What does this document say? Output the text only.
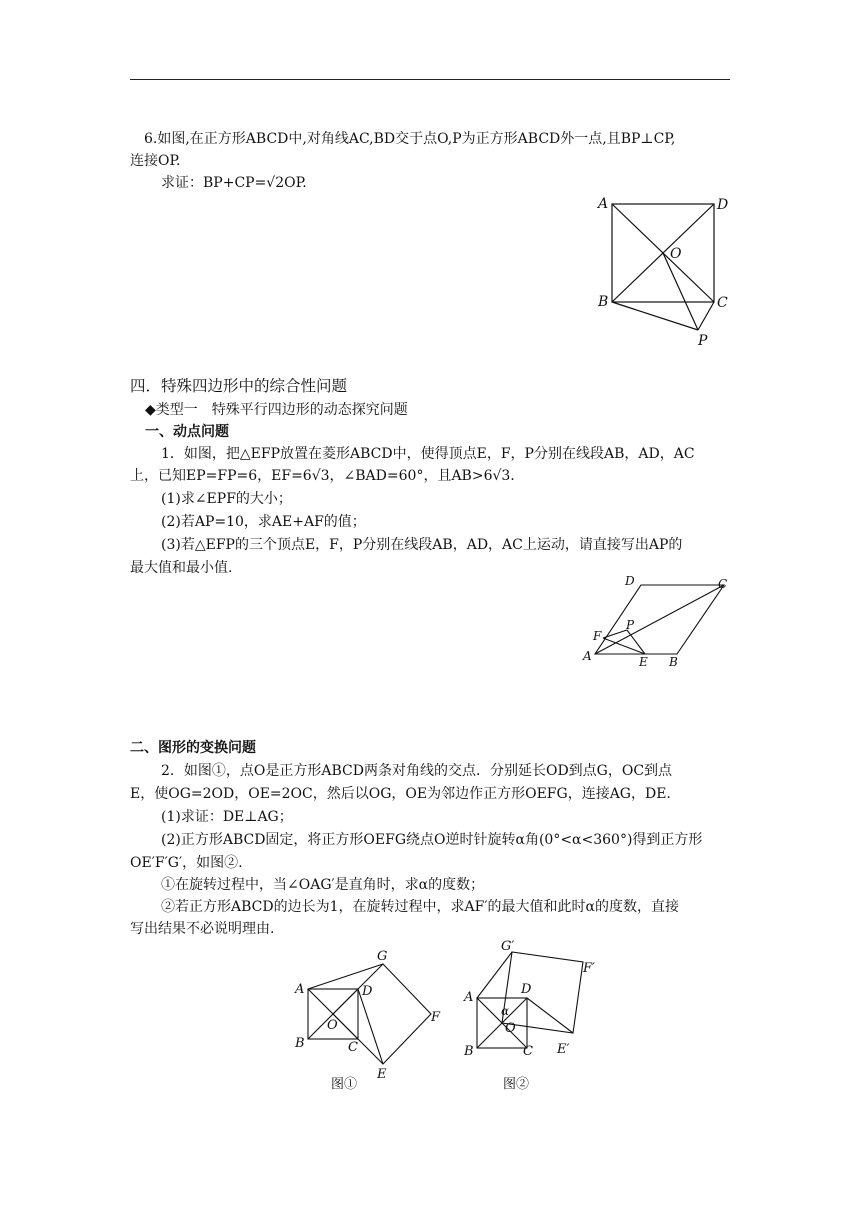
6.如图,在正方形ABCD中,对角线AC,BD交于点O,P为正方形ABCD外一点,且BP⊥CP,
连接OP.
求证：BP+CP=√2OP.
A	D
O
B	C
P
四．特殊四边形中的综合性问题
◆类型一　特殊平行四边形的动态探究问题
一、动点问题
1．如图，把△EFP放置在菱形ABCD中，使得顶点E，F，P分别在线段AB，AD，AC
上，已知EP=FP=6，EF=6√3，∠BAD=60°，且AB>6√3.
(1)求∠EPF的大小；
(2)若AP=10，求AE+AF的值；
(3)若△EFP的三个顶点E，F，P分别在线段AB，AD，AC上运动，请直接写出AP的
最大值和最小值.
A	B
C
D
E
F
P
二、图形的变换问题
2．如图①，点O是正方形ABCD两条对角线的交点．分别延长OD到点G，OC到点
E，使OG=2OD，OE=2OC，然后以OG，OE为邻边作正方形OEFG，连接AG，DE.
(1)求证：DE⊥AG；
(2)正方形ABCD固定，将正方形OEFG绕点O逆时针旋转α角(0°<α<360°)得到正方形
OE′F′G′，如图②.
①在旋转过程中，当∠OAG′是直角时，求α的度数；
②若正方形ABCD的边长为1，在旋转过程中，求AF′的最大值和此时α的度数，直接
写出结果不必说明理由.
A
B	C
D
O
G
F
E
图①
G′
F′
A
D
α
O
B	C E′
图②
